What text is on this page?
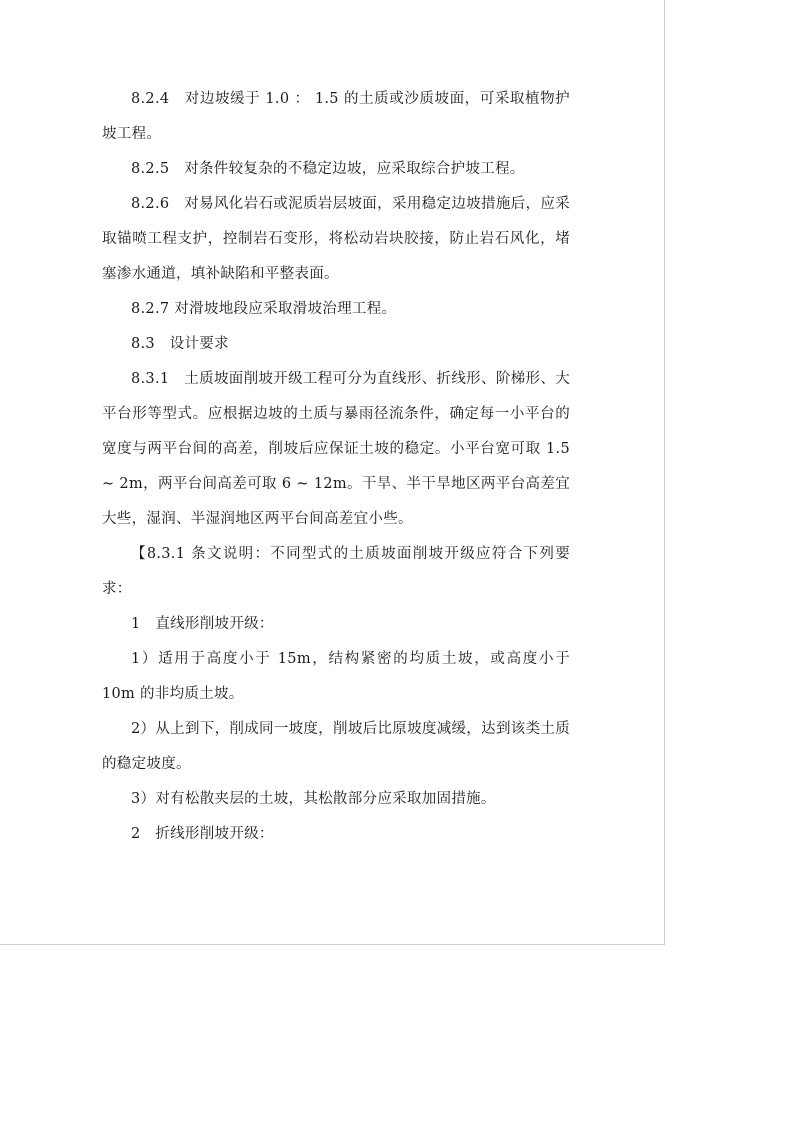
8.2.4　对边坡缓于 1.0 ： 1.5 的土质或沙质坡面，可采取植物护坡工程。

8.2.5　对条件较复杂的不稳定边坡，应采取综合护坡工程。

8.2.6　对易风化岩石或泥质岩层坡面，采用稳定边坡措施后，应采取锚喷工程支护，控制岩石变形，将松动岩块胶接，防止岩石风化，堵塞渗水通道，填补缺陷和平整表面。

8.2.7 对滑坡地段应采取滑坡治理工程。

8.3　设计要求

8.3.1　土质坡面削坡开级工程可分为直线形、折线形、阶梯形、大平台形等型式。应根据边坡的土质与暴雨径流条件，确定每一小平台的宽度与两平台间的高差，削坡后应保证土坡的稳定。小平台宽可取 1.5 ~ 2m，两平台间高差可取 6 ~ 12m。干旱、半干旱地区两平台高差宜大些，湿润、半湿润地区两平台间高差宜小些。

【8.3.1 条文说明：不同型式的土质坡面削坡开级应符合下列要求：

1　直线形削坡开级：

1）适用于高度小于 15m，结构紧密的均质土坡，或高度小于 10m 的非均质土坡。

2）从上到下，削成同一坡度，削坡后比原坡度减缓，达到该类土质的稳定坡度。

3）对有松散夹层的土坡，其松散部分应采取加固措施。

2　折线形削坡开级：
